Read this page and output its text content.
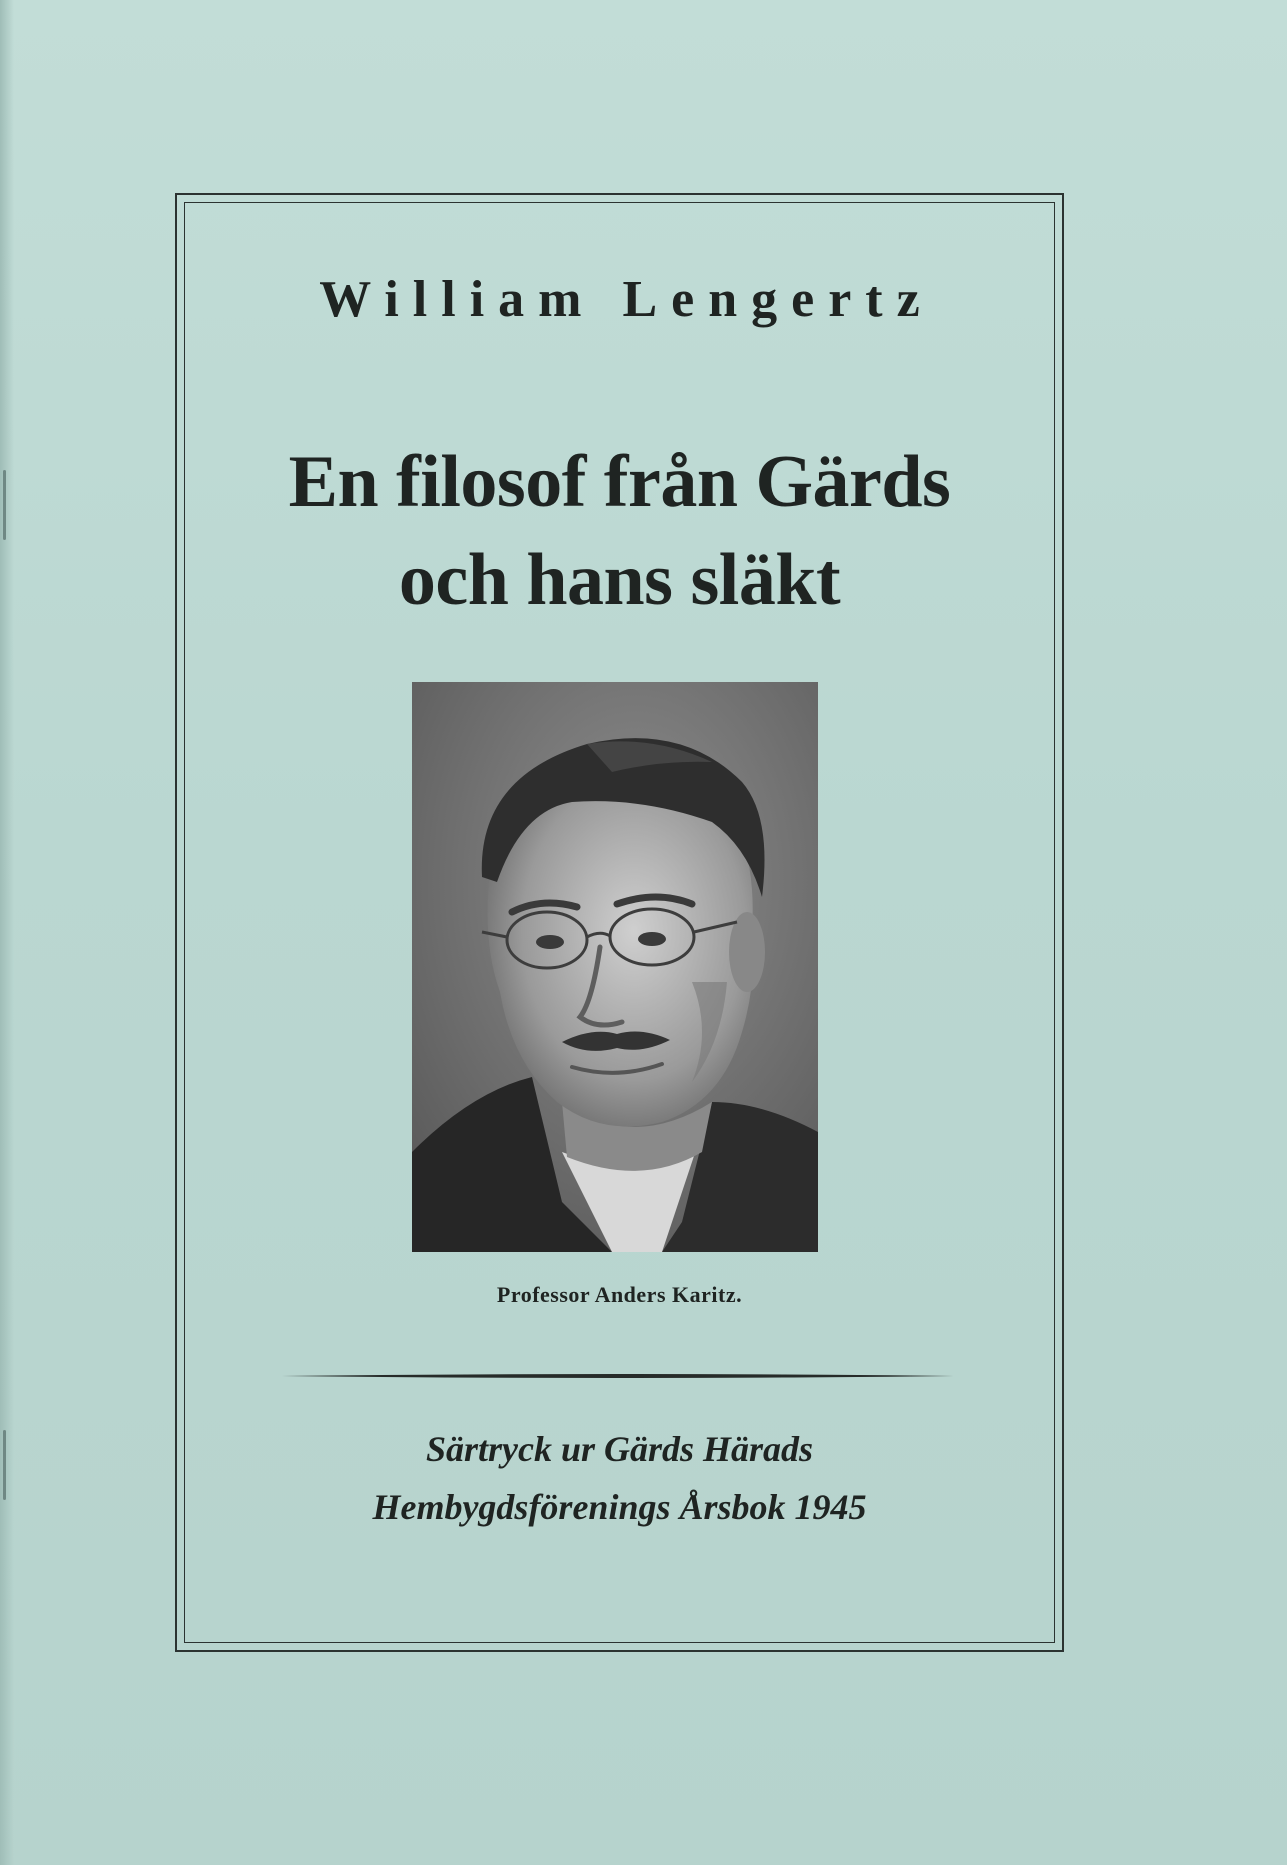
William Lengertz
En filosof från Gärds
och hans släkt
Professor Anders Karitz.
Särtryck ur Gärds Härads
Hembygdsförenings Årsbok 1945
